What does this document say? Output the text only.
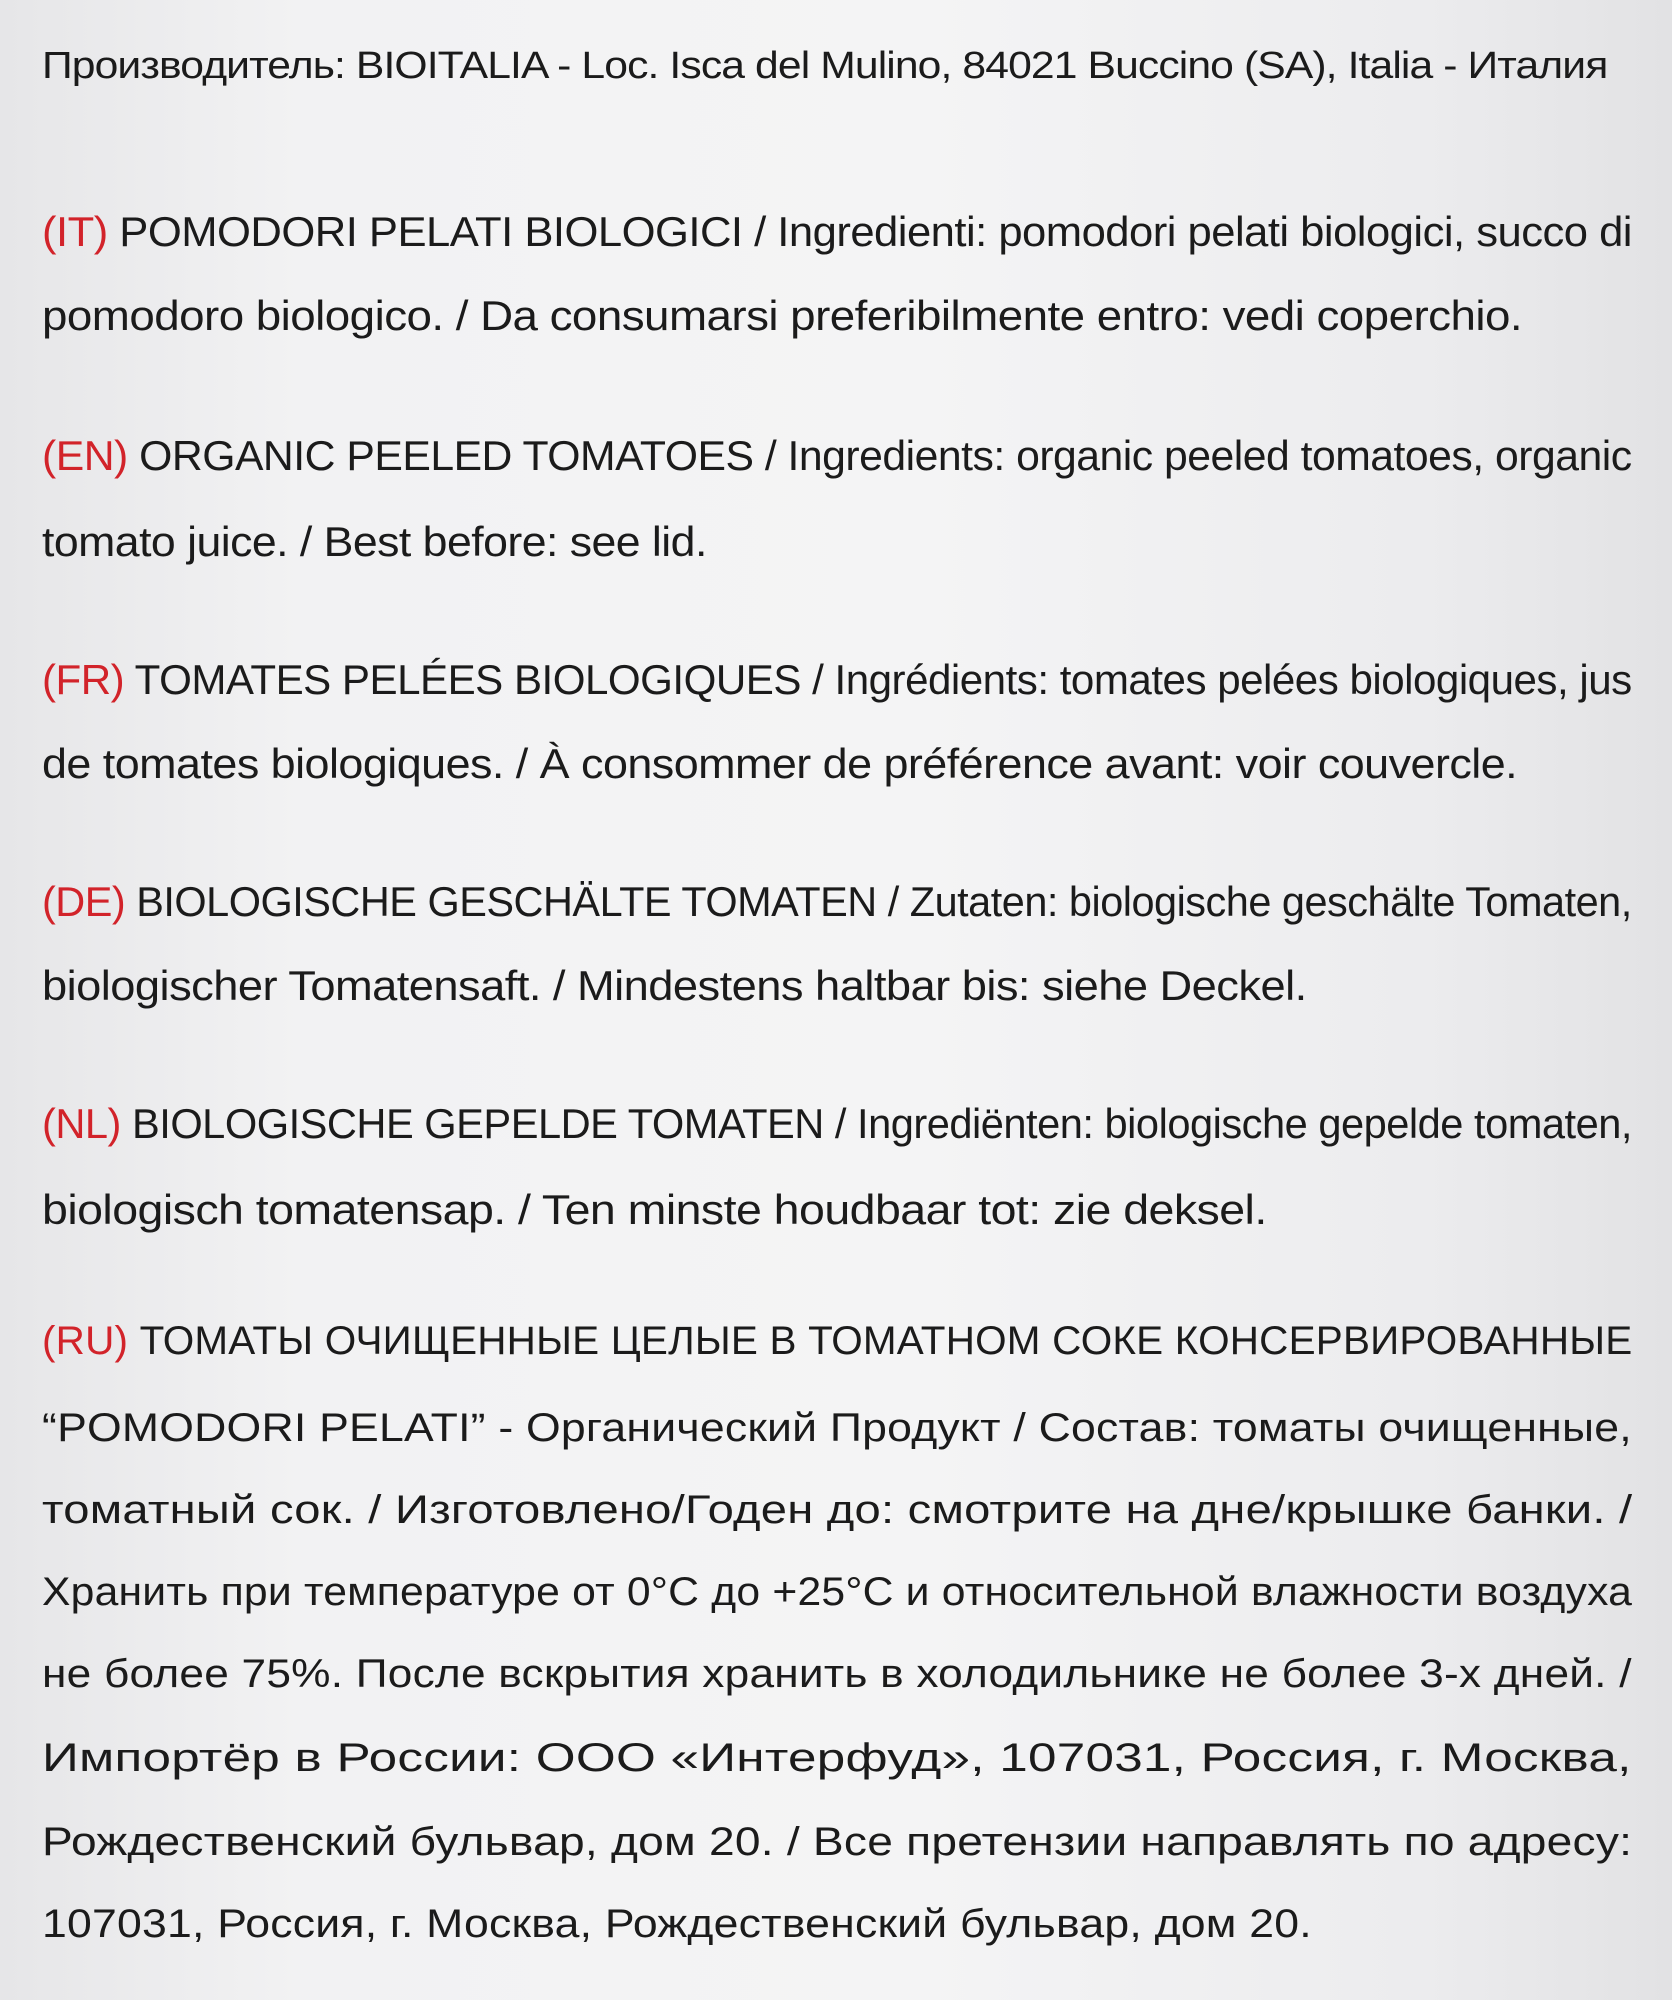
Производитель: BIOITALIA - Loc. Isca del Mulino, 84021 Buccino (SA), Italia - Италия
(IT) POMODORI PELATI BIOLOGICI / Ingredienti: pomodori pelati biologici, succo di
pomodoro biologico. / Da consumarsi preferibilmente entro: vedi coperchio.
(EN) ORGANIC PEELED TOMATOES / Ingredients: organic peeled tomatoes, organic
tomato juice. / Best before: see lid.
(FR) TOMATES PELÉES BIOLOGIQUES / Ingrédients: tomates pelées biologiques, jus
de tomates biologiques. / À consommer de préférence avant: voir couvercle.
(DE) BIOLOGISCHE GESCHÄLTE TOMATEN / Zutaten: biologische geschälte Tomaten,
biologischer Tomatensaft. / Mindestens haltbar bis: siehe Deckel.
(NL) BIOLOGISCHE GEPELDE TOMATEN / Ingrediënten: biologische gepelde tomaten,
biologisch tomatensap. / Ten minste houdbaar tot: zie deksel.
(RU) ТОМАТЫ ОЧИЩЕННЫЕ ЦЕЛЫЕ В ТОМАТНОМ СОКЕ КОНСЕРВИРОВАННЫЕ
“POMODORI PELATI” - Органический Продукт / Состав: томаты очищенные,
томатный сок. / Изготовлено/Годен до: смотрите на дне/крышке банки. /
Хранить при температуре от 0°C до +25°C и относительной влажности воздуха
не более 75%. После вскрытия хранить в холодильнике не более 3-х дней. /
Импортёр в России: ООО «Интерфуд», 107031, Россия, г. Москва,
Рождественский бульвар, дом 20. / Все претензии направлять по адресу:
107031, Россия, г. Москва, Рождественский бульвар, дом 20.
